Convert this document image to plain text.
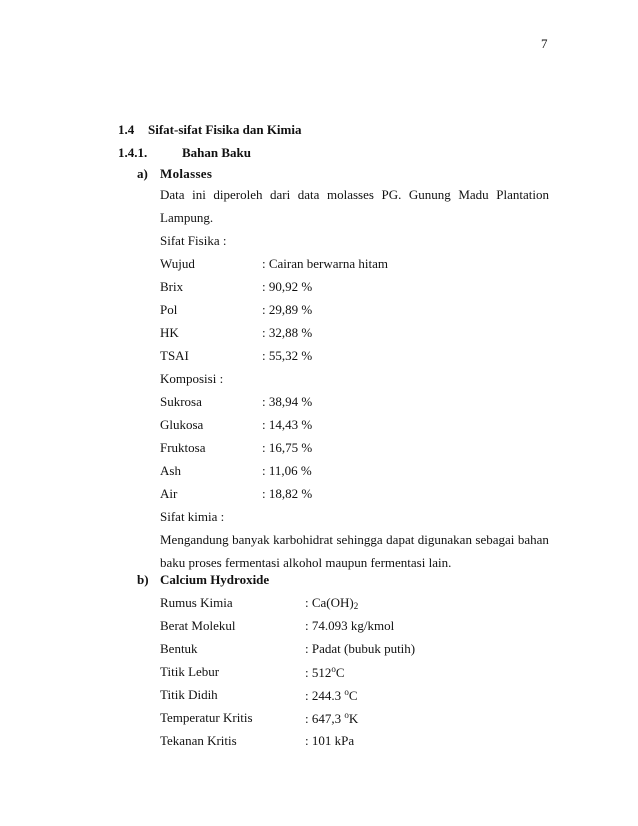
7
1.4 Sifat-sifat Fisika dan Kimia
1.4.1.	Bahan Baku
a) Molasses
Data ini diperoleh dari data molasses PG. Gunung Madu Plantation
Lampung.
Sifat Fisika :
Wujud	: Cairan berwarna hitam
Brix	: 90,92 %
Pol	: 29,89 %
HK	: 32,88 %
TSAI	: 55,32 %
Komposisi :
Sukrosa	: 38,94 %
Glukosa	: 14,43 %
Fruktosa	: 16,75 %
Ash	: 11,06 %
Air	: 18,82 %
Sifat kimia :
Mengandung banyak karbohidrat sehingga dapat digunakan sebagai bahan
baku proses fermentasi alkohol maupun fermentasi lain.
b) Calcium Hydroxide
Rumus Kimia	: $Ca(OH)_2$
Berat Molekul	: 74.093 kg/kmol
Bentuk	: Padat (bubuk putih)
Titik Lebur	: 512$^o$C
Titik Didih	: 244.3 $^o$C
Temperatur Kritis	: 647,3 $^o$K
Tekanan Kritis	: 101 kPa
